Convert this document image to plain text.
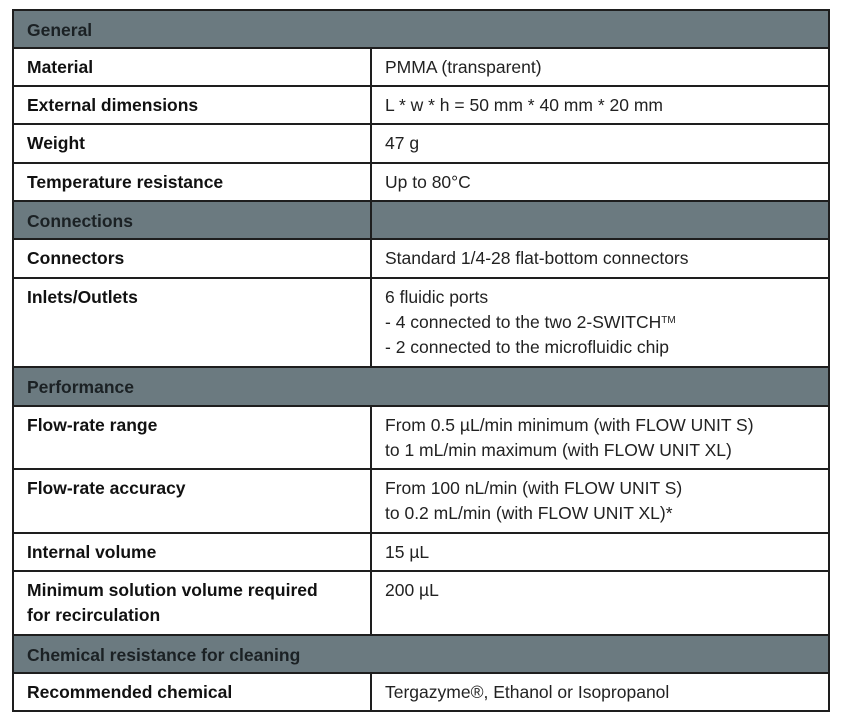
General	
Material	PMMA (transparent)
External dimensions	L * w * h = 50 mm * 40 mm * 20 mm
Weight	47 g
Temperature resistance	Up to 80°C
Connections	
Connectors	Standard 1/4-28 flat-bottom connectors
Inlets/Outlets	6 fluidic ports
- 4 connected to the two 2-SWITCH™
- 2 connected to the microfluidic chip

Performance	
Flow-rate range	From 0.5 µL/min minimum (with FLOW UNIT S)
to 1 mL/min maximum (with FLOW UNIT XL)

Flow-rate accuracy	From 100 nL/min (with FLOW UNIT S)
to 0.2 mL/min (with FLOW UNIT XL)*

Internal volume	15 µL

Minimum solution volume required
for recirculation	200 µL
Chemical resistance for cleaning	
Recommended chemical	Tergazyme®, Ethanol or Isopropanol
